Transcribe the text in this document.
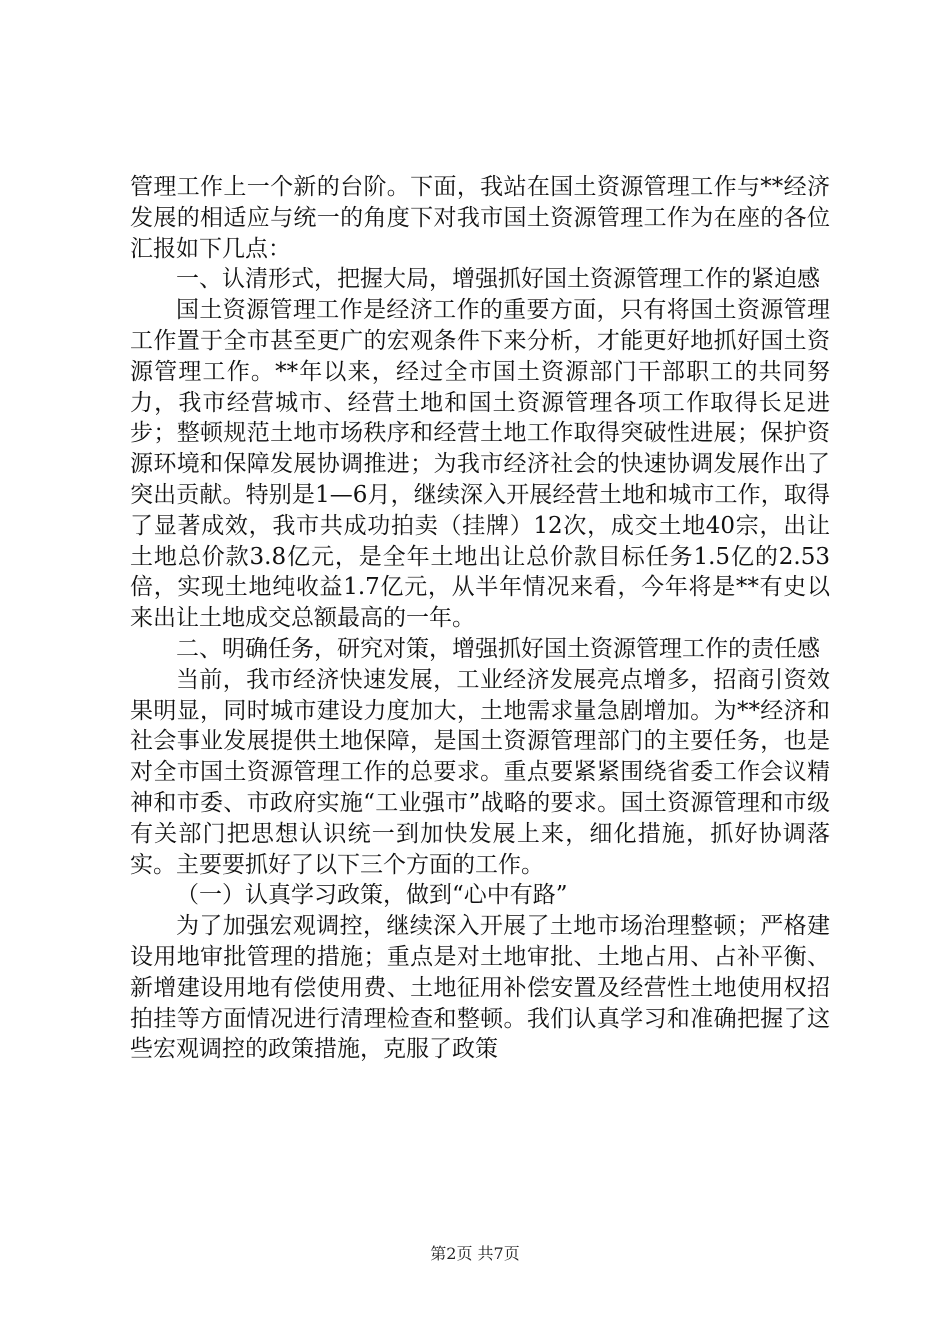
管理工作上一个新的台阶。下面，我站在国土资源管理工作与**经济发展的相适应与统一的角度下对我市国土资源管理工作为在座的各位汇报如下几点：

一、认清形式，把握大局，增强抓好国土资源管理工作的紧迫感

国土资源管理工作是经济工作的重要方面，只有将国土资源管理工作置于全市甚至更广的宏观条件下来分析，才能更好地抓好国土资源管理工作。**年以来，经过全市国土资源部门干部职工的共同努力，我市经营城市、经营土地和国土资源管理各项工作取得长足进步；整顿规范土地市场秩序和经营土地工作取得突破性进展；保护资源环境和保障发展协调推进；为我市经济社会的快速协调发展作出了突出贡献。特别是1—6月，继续深入开展经营土地和城市工作，取得了显著成效，我市共成功拍卖（挂牌）12次，成交土地40宗，出让土地总价款3.8亿元，是全年土地出让总价款目标任务1.5亿的2.53倍，实现土地纯收益1.7亿元，从半年情况来看，今年将是**有史以来出让土地成交总额最高的一年。

二、明确任务，研究对策，增强抓好国土资源管理工作的责任感

当前，我市经济快速发展，工业经济发展亮点增多，招商引资效果明显，同时城市建设力度加大，土地需求量急剧增加。为**经济和社会事业发展提供土地保障，是国土资源管理部门的主要任务，也是对全市国土资源管理工作的总要求。重点要紧紧围绕省委工作会议精神和市委、市政府实施“工业强市”战略的要求。国土资源管理和市级有关部门把思想认识统一到加快发展上来，细化措施，抓好协调落实。主要要抓好了以下三个方面的工作。

（一）认真学习政策，做到“心中有路”

为了加强宏观调控，继续深入开展了土地市场治理整顿；严格建设用地审批管理的措施；重点是对土地审批、土地占用、占补平衡、新增建设用地有偿使用费、土地征用补偿安置及经营性土地使用权招拍挂等方面情况进行清理检查和整顿。我们认真学习和准确把握了这些宏观调控的政策措施，克服了政策

第2页 共7页
